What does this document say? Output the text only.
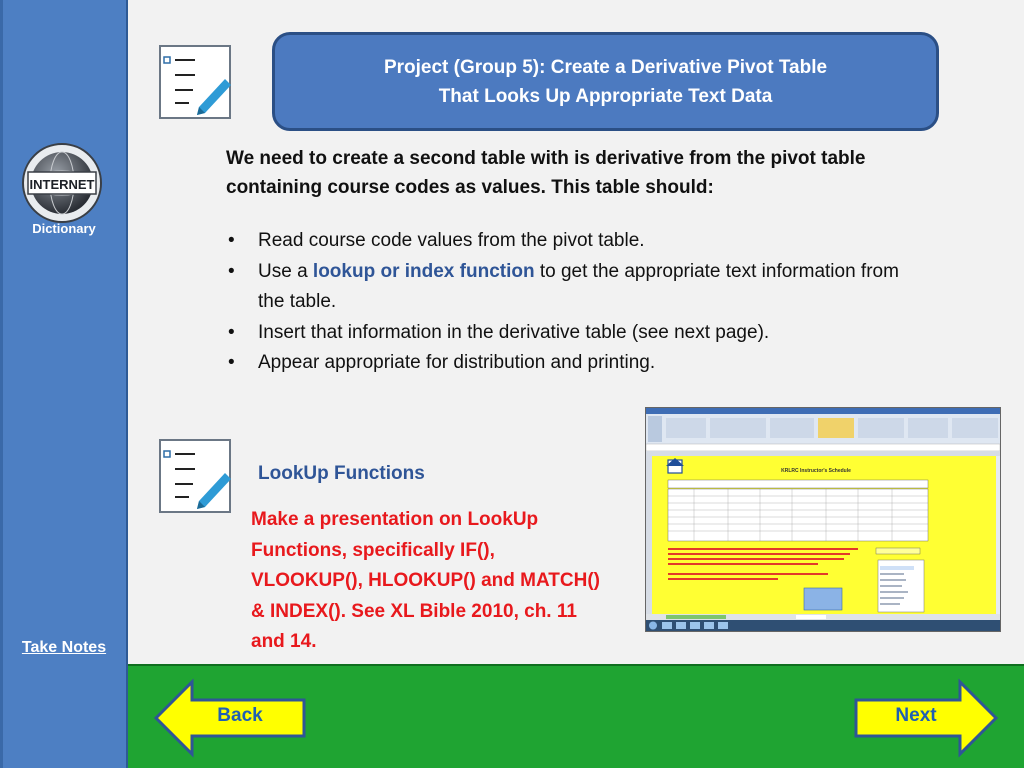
INTERNET
Dictionary
Take Notes
Project (Group 5): Create a Derivative Pivot Table
That Looks Up Appropriate Text Data
We need to create a second table with is derivative from the pivot table containing course codes as values. This table should:
• Read course code values from the pivot table.
• Use a lookup or index function to get the appropriate text information from the table.
• Insert that information in the derivative table (see next page).
• Appear appropriate for distribution and printing.
LookUp Functions
Make a presentation on LookUp Functions, specifically IF(), VLOOKUP(), HLOOKUP() and MATCH() & INDEX(). See XL Bible 2010, ch. 11 and 14.
KRLRC Instructor's Schedule
Back	Next
